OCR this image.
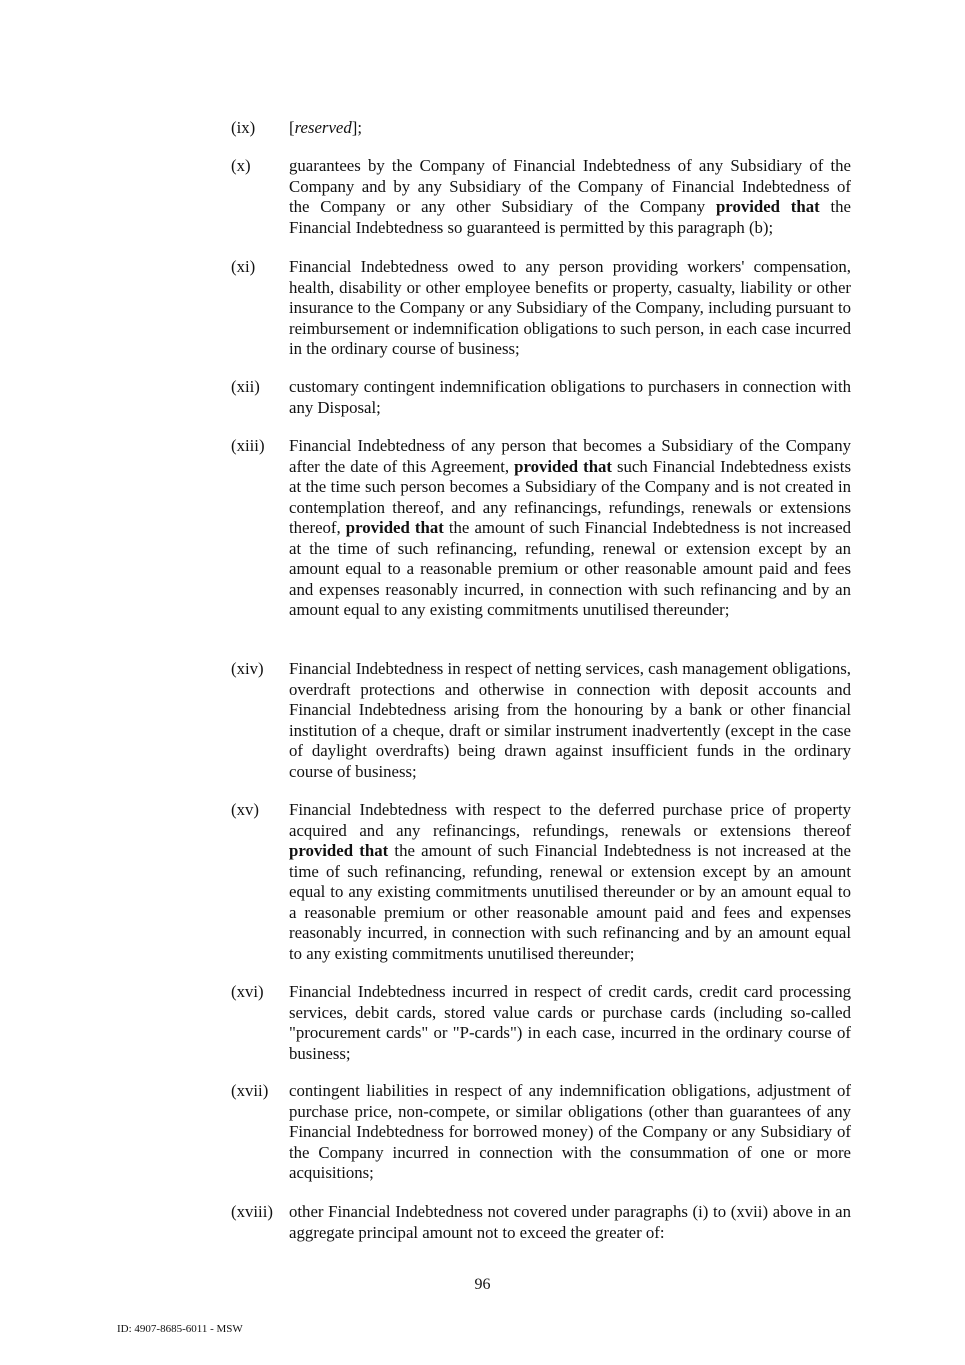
(ix) [reserved];
(x) guarantees by the Company of Financial Indebtedness of any Subsidiary of the
Company and by any Subsidiary of the Company of Financial Indebtedness of
the Company or any other Subsidiary of the Company provided that the
Financial Indebtedness so guaranteed is permitted by this paragraph (b);
(xi) Financial Indebtedness owed to any person providing workers' compensation, health, disability or other employee benefits or property, casualty, liability or other insurance to the Company or any Subsidiary of the Company, including pursuant to reimbursement or indemnification obligations to such person, in each case incurred in the ordinary course of business;
(xii) customary contingent indemnification obligations to purchasers in connection with any Disposal;
(xiii) Financial Indebtedness of any person that becomes a Subsidiary of the Company after the date of this Agreement, provided that such Financial Indebtedness exists at the time such person becomes a Subsidiary of the Company and is not created in contemplation thereof, and any refinancings, refundings, renewals or extensions thereof, provided that the amount of such Financial Indebtedness is not increased at the time of such refinancing, refunding, renewal or extension except by an amount equal to a reasonable premium or other reasonable amount paid and fees and expenses reasonably incurred, in connection with such refinancing and by an amount equal to any existing commitments unutilised thereunder;
(xiv) Financial Indebtedness in respect of netting services, cash management obligations, overdraft protections and otherwise in connection with deposit accounts and Financial Indebtedness arising from the honouring by a bank or other financial institution of a cheque, draft or similar instrument inadvertently (except in the case of daylight overdrafts) being drawn against insufficient funds in the ordinary course of business;
(xv) Financial Indebtedness with respect to the deferred purchase price of property acquired and any refinancings, refundings, renewals or extensions thereof provided that the amount of such Financial Indebtedness is not increased at the time of such refinancing, refunding, renewal or extension except by an amount equal to any existing commitments unutilised thereunder or by an amount equal to a reasonable premium or other reasonable amount paid and fees and expenses reasonably incurred, in connection with such refinancing and by an amount equal to any existing commitments unutilised thereunder;
(xvi) Financial Indebtedness incurred in respect of credit cards, credit card processing services, debit cards, stored value cards or purchase cards (including so-called "procurement cards" or "P-cards") in each case, incurred in the ordinary course of business;
(xvii) contingent liabilities in respect of any indemnification obligations, adjustment of purchase price, non-compete, or similar obligations (other than guarantees of any Financial Indebtedness for borrowed money) of the Company or any Subsidiary of the Company incurred in connection with the consummation of one or more acquisitions;
(xviii) other Financial Indebtedness not covered under paragraphs (i) to (xvii) above in an aggregate principal amount not to exceed the greater of:
96
ID: 4907-8685-6011 - MSW
